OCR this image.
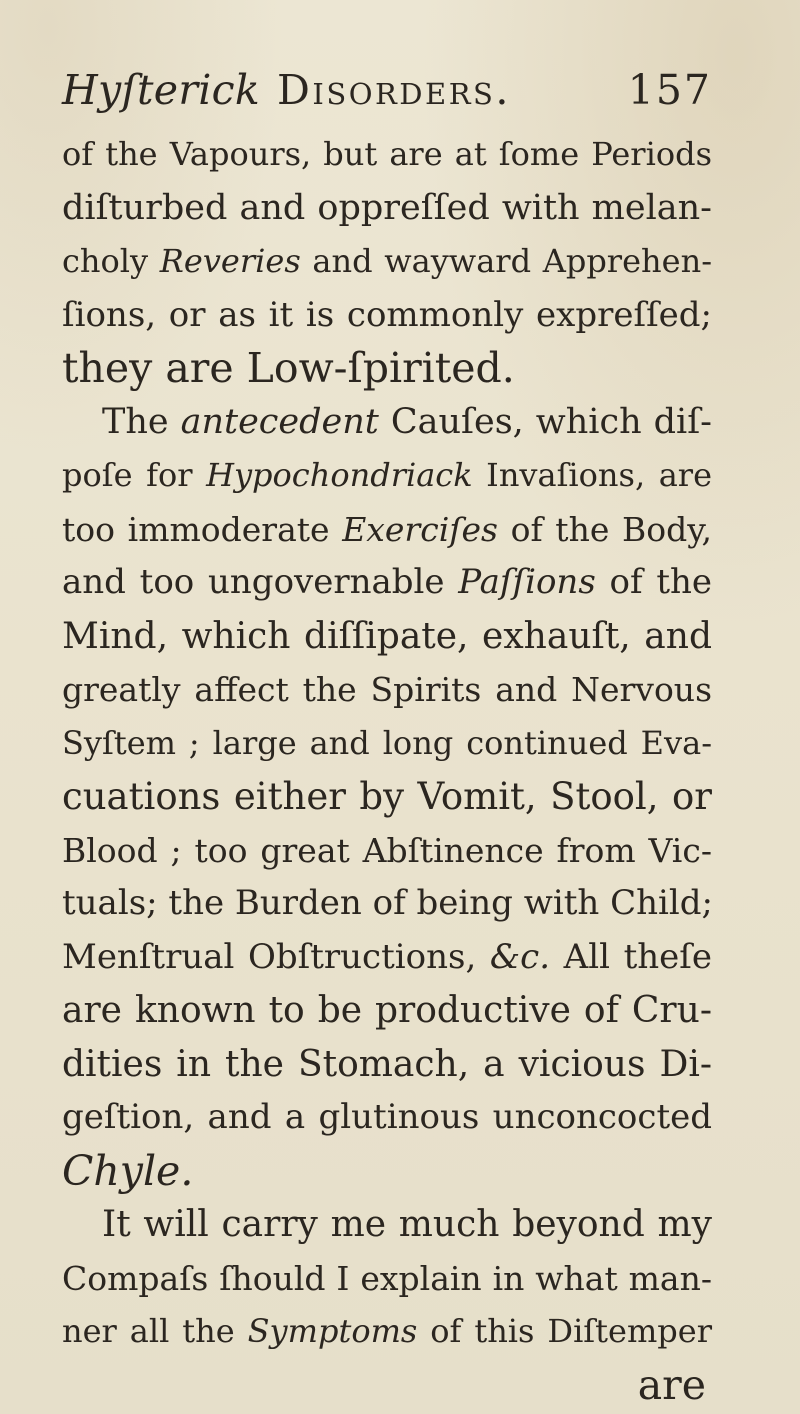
Hyſterick Disorders.	157
of the Vapours, but are at ſome Periods
diſturbed and oppreſſed with melan-
choly Reveries and wayward Apprehen-
ſions, or as it is commonly expreſſed;
they are Low-ſpirited.
The antecedent Cauſes, which diſ-
poſe for Hypochondriack Invaſions, are
too immoderate Exerciſes of the Body,
and too ungovernable Paſſions of the
Mind, which diſſipate, exhauſt, and
greatly affect the Spirits and Nervous
Syſtem ; large and long continued Eva-
cuations either by Vomit, Stool, or
Blood ; too great Abſtinence from Vic-
tuals; the Burden of being with Child;
Menſtrual Obſtructions, &c. All theſe
are known to be productive of Cru-
dities in the Stomach, a vicious Di-
geſtion, and a glutinous unconcocted
Chyle.
It will carry me much beyond my
Compaſs ſhould I explain in what man-
ner all the Symptoms of this Diſtemper
are
